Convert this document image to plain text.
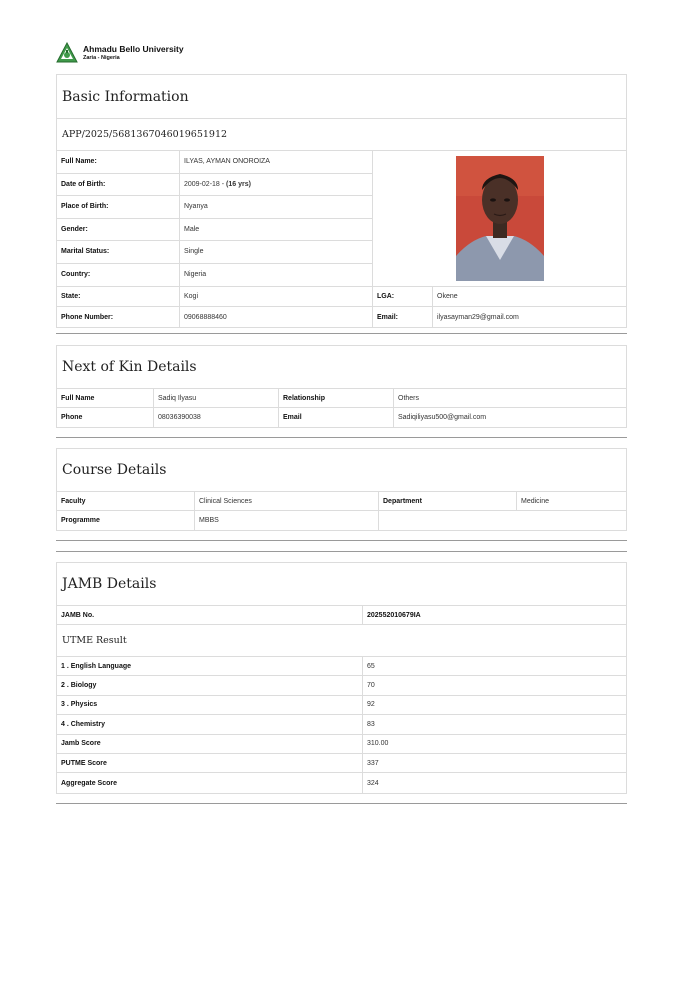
Ahmadu Bello University
Zaria - Nigeria
Basic Information
APP/2025/5681367046019651912
Full Name:	ILYAS, AYMAN ONOROIZA
Date of Birth:	2009-02-18 -
(16 yrs)
Place of Birth:	Nyanya
Gender:	Male
Marital Status:	Single
Country:	Nigeria
State:	Kogi	LGA:	Okene
Phone Number:	09068888460	Email:	ilyasayman29@gmail.com
Next of Kin Details
Full Name	Sadiq Ilyasu	Relationship	Others
Phone	08036390038	Email	Sadiqiliyasu500@gmail.com
Course Details
Faculty	Clinical Sciences	Department	Medicine
Programme	MBBS
JAMB Details
JAMB No.	202552010679IA
UTME Result
1 . English Language	65
2 . Biology	70
3 . Physics	92
4 . Chemistry	83
Jamb Score	310.00
PUTME Score	337
Aggregate Score	324
